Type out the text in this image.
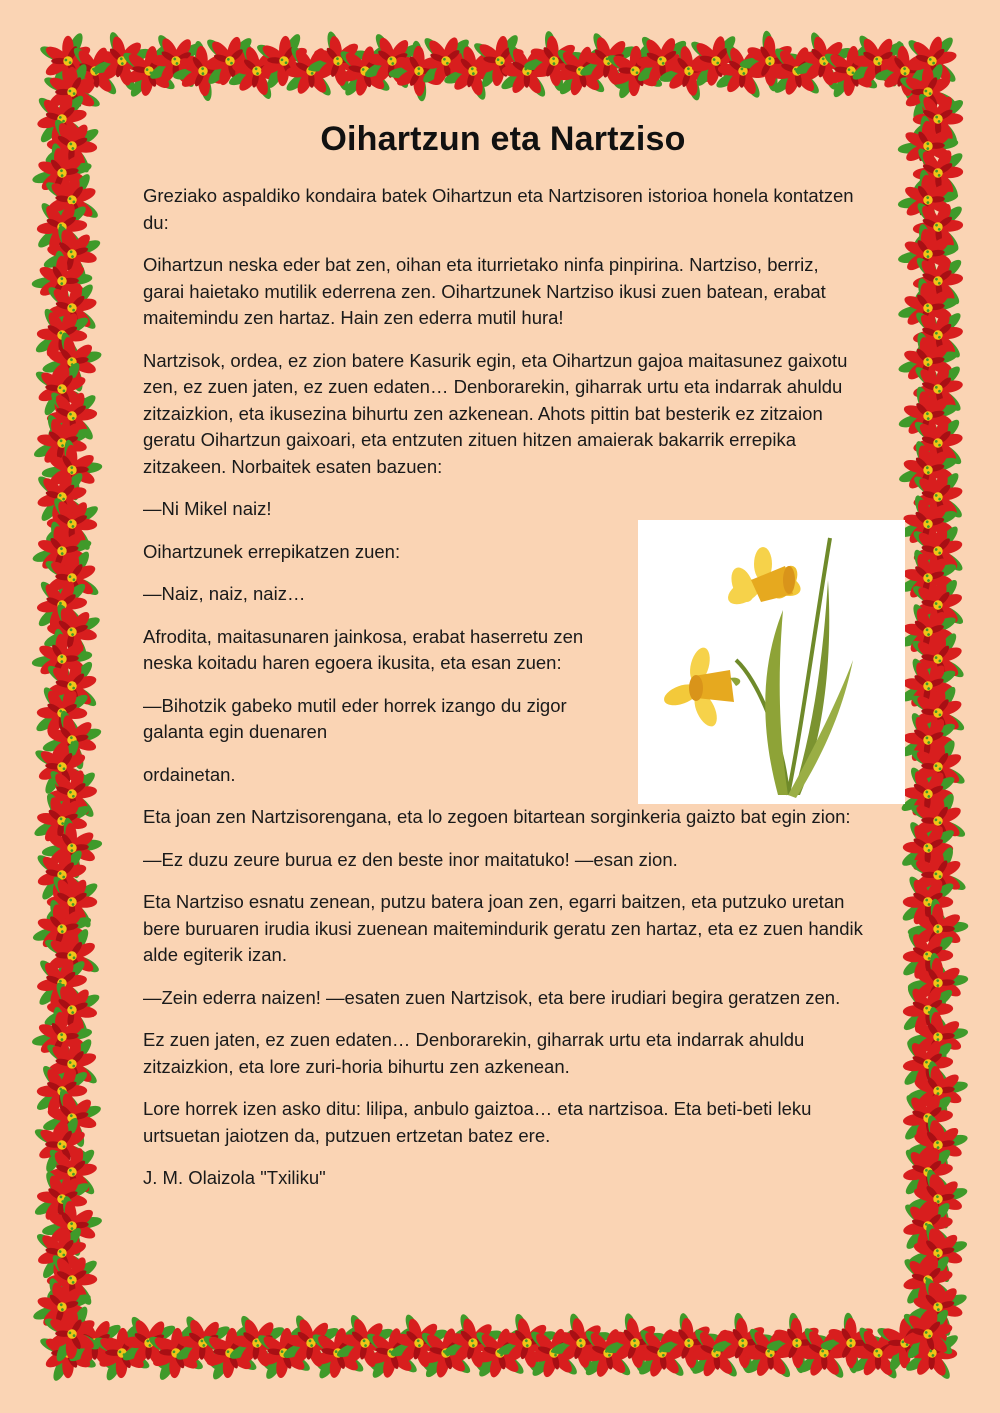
Oihartzun eta Nartziso

Greziako aspaldiko kondaira batek Oihartzun eta Nartzisoren istorioa honela kontatzen du:

Oihartzun neska eder bat zen, oihan eta iturrietako ninfa pinpirina. Nartziso, berriz, garai haietako mutilik ederrena zen. Oihartzunek Nartziso ikusi zuen batean, erabat maitemindu zen hartaz. Hain zen ederra mutil hura!

Nartzisok, ordea, ez zion batere Kasurik egin, eta Oihartzun gajoa maitasunez gaixotu zen, ez zuen jaten, ez zuen edaten… Denborarekin, giharrak urtu eta indarrak ahuldu zitzaizkion, eta ikusezina bihurtu zen azkenean. Ahots pittin bat besterik ez zitzaion geratu Oihartzun gaixoari, eta entzuten zituen hitzen amaierak bakarrik errepika zitzakeen. Norbaitek esaten bazuen:

—Ni Mikel naiz!

Oihartzunek errepikatzen zuen:

—Naiz, naiz, naiz…

Afrodita, maitasunaren jainkosa, erabat haserretu zen neska koitadu haren egoera ikusita, eta esan zuen:

—Bihotzik gabeko mutil eder horrek izango du zigor galanta egin duenaren

ordainetan.

Eta joan zen Nartzisorengana, eta lo zegoen bitartean sorginkeria gaizto bat egin zion:

—Ez duzu zeure burua ez den beste inor maitatuko! —esan zion.

Eta Nartziso esnatu zenean, putzu batera joan zen, egarri baitzen, eta putzuko uretan bere buruaren irudia ikusi zuenean maitemindurik geratu zen hartaz, eta ez zuen handik alde egiterik izan.

—Zein ederra naizen! —esaten zuen Nartzisok, eta bere irudiari begira geratzen zen.

Ez zuen jaten, ez zuen edaten… Denborarekin, giharrak urtu eta indarrak ahuldu zitzaizkion, eta lore zuri-horia bihurtu zen azkenean.

Lore horrek izen asko ditu: lilipa, anbulo gaiztoa… eta nartzisoa. Eta beti-beti leku urtsuetan jaiotzen da, putzuen ertzetan batez ere.

J. M. Olaizola "Txiliku"
